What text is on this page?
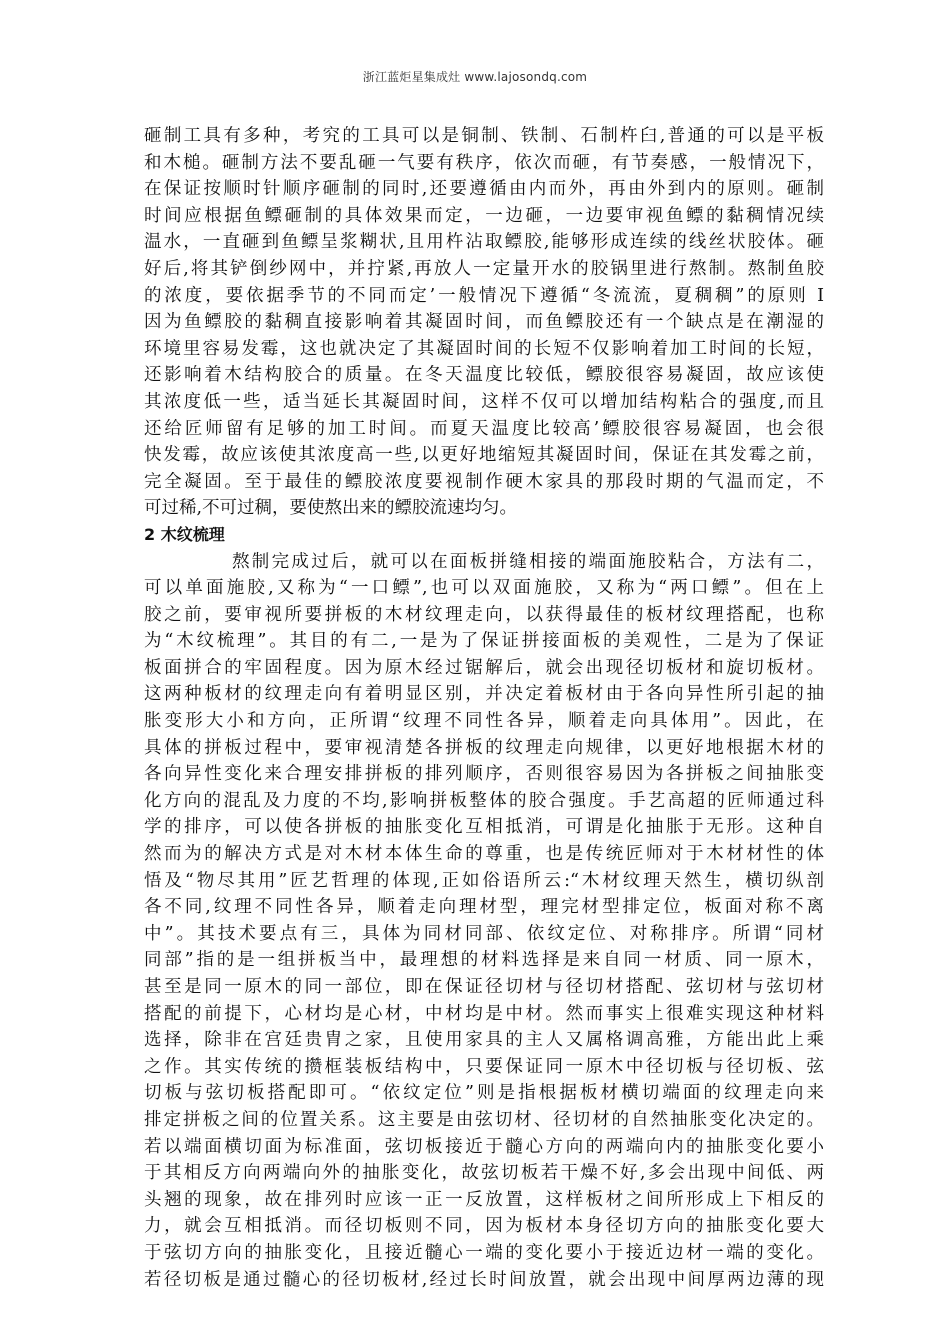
浙江蓝炬星集成灶 www.lajosondq.com
砸制工具有多种，考究的工具可以是铜制、铁制、石制杵臼,普通的可以是平板
和木槌。砸制方法不要乱砸一气要有秩序，依次而砸，有节奏感，一般情况下，
在保证按顺时针顺序砸制的同时,还要遵循由内而外，再由外到内的原则。砸制
时间应根据鱼鳔砸制的具体效果而定，一边砸，一边要审视鱼鳔的黏稠情况续
温水，一直砸到鱼鳔呈浆糊状,且用杵沾取鳔胶,能够形成连续的线丝状胶体。砸
好后,将其铲倒纱网中，并拧紧,再放人一定量开水的胶锅里进行熬制。熬制鱼胶
的浓度，要依据季节的不同而定’一般情况下遵循“冬流流，夏稠稠”的原则 I
因为鱼鳔胶的黏稠直接影响着其凝固时间，而鱼鳔胶还有一个缺点是在潮湿的
环境里容易发霉，这也就决定了其凝固时间的长短不仅影响着加工时间的长短，
还影响着木结构胶合的质量。在冬天温度比较低，鳔胶很容易凝固，故应该使
其浓度低一些，适当延长其凝固时间，这样不仅可以增加结构粘合的强度,而且
还给匠师留有足够的加工时间。而夏天温度比较高’鳔胶很容易凝固，也会很
快发霉，故应该使其浓度高一些,以更好地缩短其凝固时间，保证在其发霉之前，
完全凝固。至于最佳的鳔胶浓度要视制作硬木家具的那段时期的气温而定，不
可过稀,不可过稠，要使熬出来的鳔胶流速均匀。
2 木纹梳理
熬制完成过后，就可以在面板拼缝相接的端面施胶粘合，方法有二，
可以单面施胶,又称为“一口鳔”,也可以双面施胶，又称为“两口鳔”。但在上
胶之前，要审视所要拼板的木材纹理走向，以获得最佳的板材纹理搭配，也称
为“木纹梳理”。其目的有二,一是为了保证拼接面板的美观性，二是为了保证
板面拼合的牢固程度。因为原木经过锯解后，就会出现径切板材和旋切板材。
这两种板材的纹理走向有着明显区别，并决定着板材由于各向异性所引起的抽
胀变形大小和方向，正所谓“纹理不同性各异，顺着走向具体用”。因此，在
具体的拼板过程中，要审视清楚各拼板的纹理走向规律，以更好地根据木材的
各向异性变化来合理安排拼板的排列顺序，否则很容易因为各拼板之间抽胀变
化方向的混乱及力度的不均,影响拼板整体的胶合强度。手艺高超的匠师通过科
学的排序，可以使各拼板的抽胀变化互相抵消，可谓是化抽胀于无形。这种自
然而为的解决方式是对木材本体生命的尊重，也是传统匠师对于木材材性的体
悟及“物尽其用”匠艺哲理的体现,正如俗语所云:“木材纹理天然生，横切纵剖
各不同,纹理不同性各异，顺着走向理材型，理完材型排定位，板面对称不离
中”。其技术要点有三，具体为同材同部、依纹定位、对称排序。所谓“同材
同部”指的是一组拼板当中，最理想的材料选择是来自同一材质、同一原木，
甚至是同一原木的同一部位，即在保证径切材与径切材搭配、弦切材与弦切材
搭配的前提下，心材均是心材，中材均是中材。然而事实上很难实现这种材料
选择，除非在宫廷贵胄之家，且使用家具的主人又属格调高雅，方能出此上乘
之作。其实传统的攒框装板结构中，只要保证同一原木中径切板与径切板、弦
切板与弦切板搭配即可。“依纹定位”则是指根据板材横切端面的纹理走向来
排定拼板之间的位置关系。这主要是由弦切材、径切材的自然抽胀变化决定的。
若以端面横切面为标准面，弦切板接近于髓心方向的两端向内的抽胀变化要小
于其相反方向两端向外的抽胀变化，故弦切板若干燥不好,多会出现中间低、两
头翘的现象，故在排列时应该一正一反放置，这样板材之间所形成上下相反的
力，就会互相抵消。而径切板则不同，因为板材本身径切方向的抽胀变化要大
于弦切方向的抽胀变化，且接近髓心一端的变化要小于接近边材一端的变化。
若径切板是通过髓心的径切板材,经过长时间放置，就会出现中间厚两边薄的现
